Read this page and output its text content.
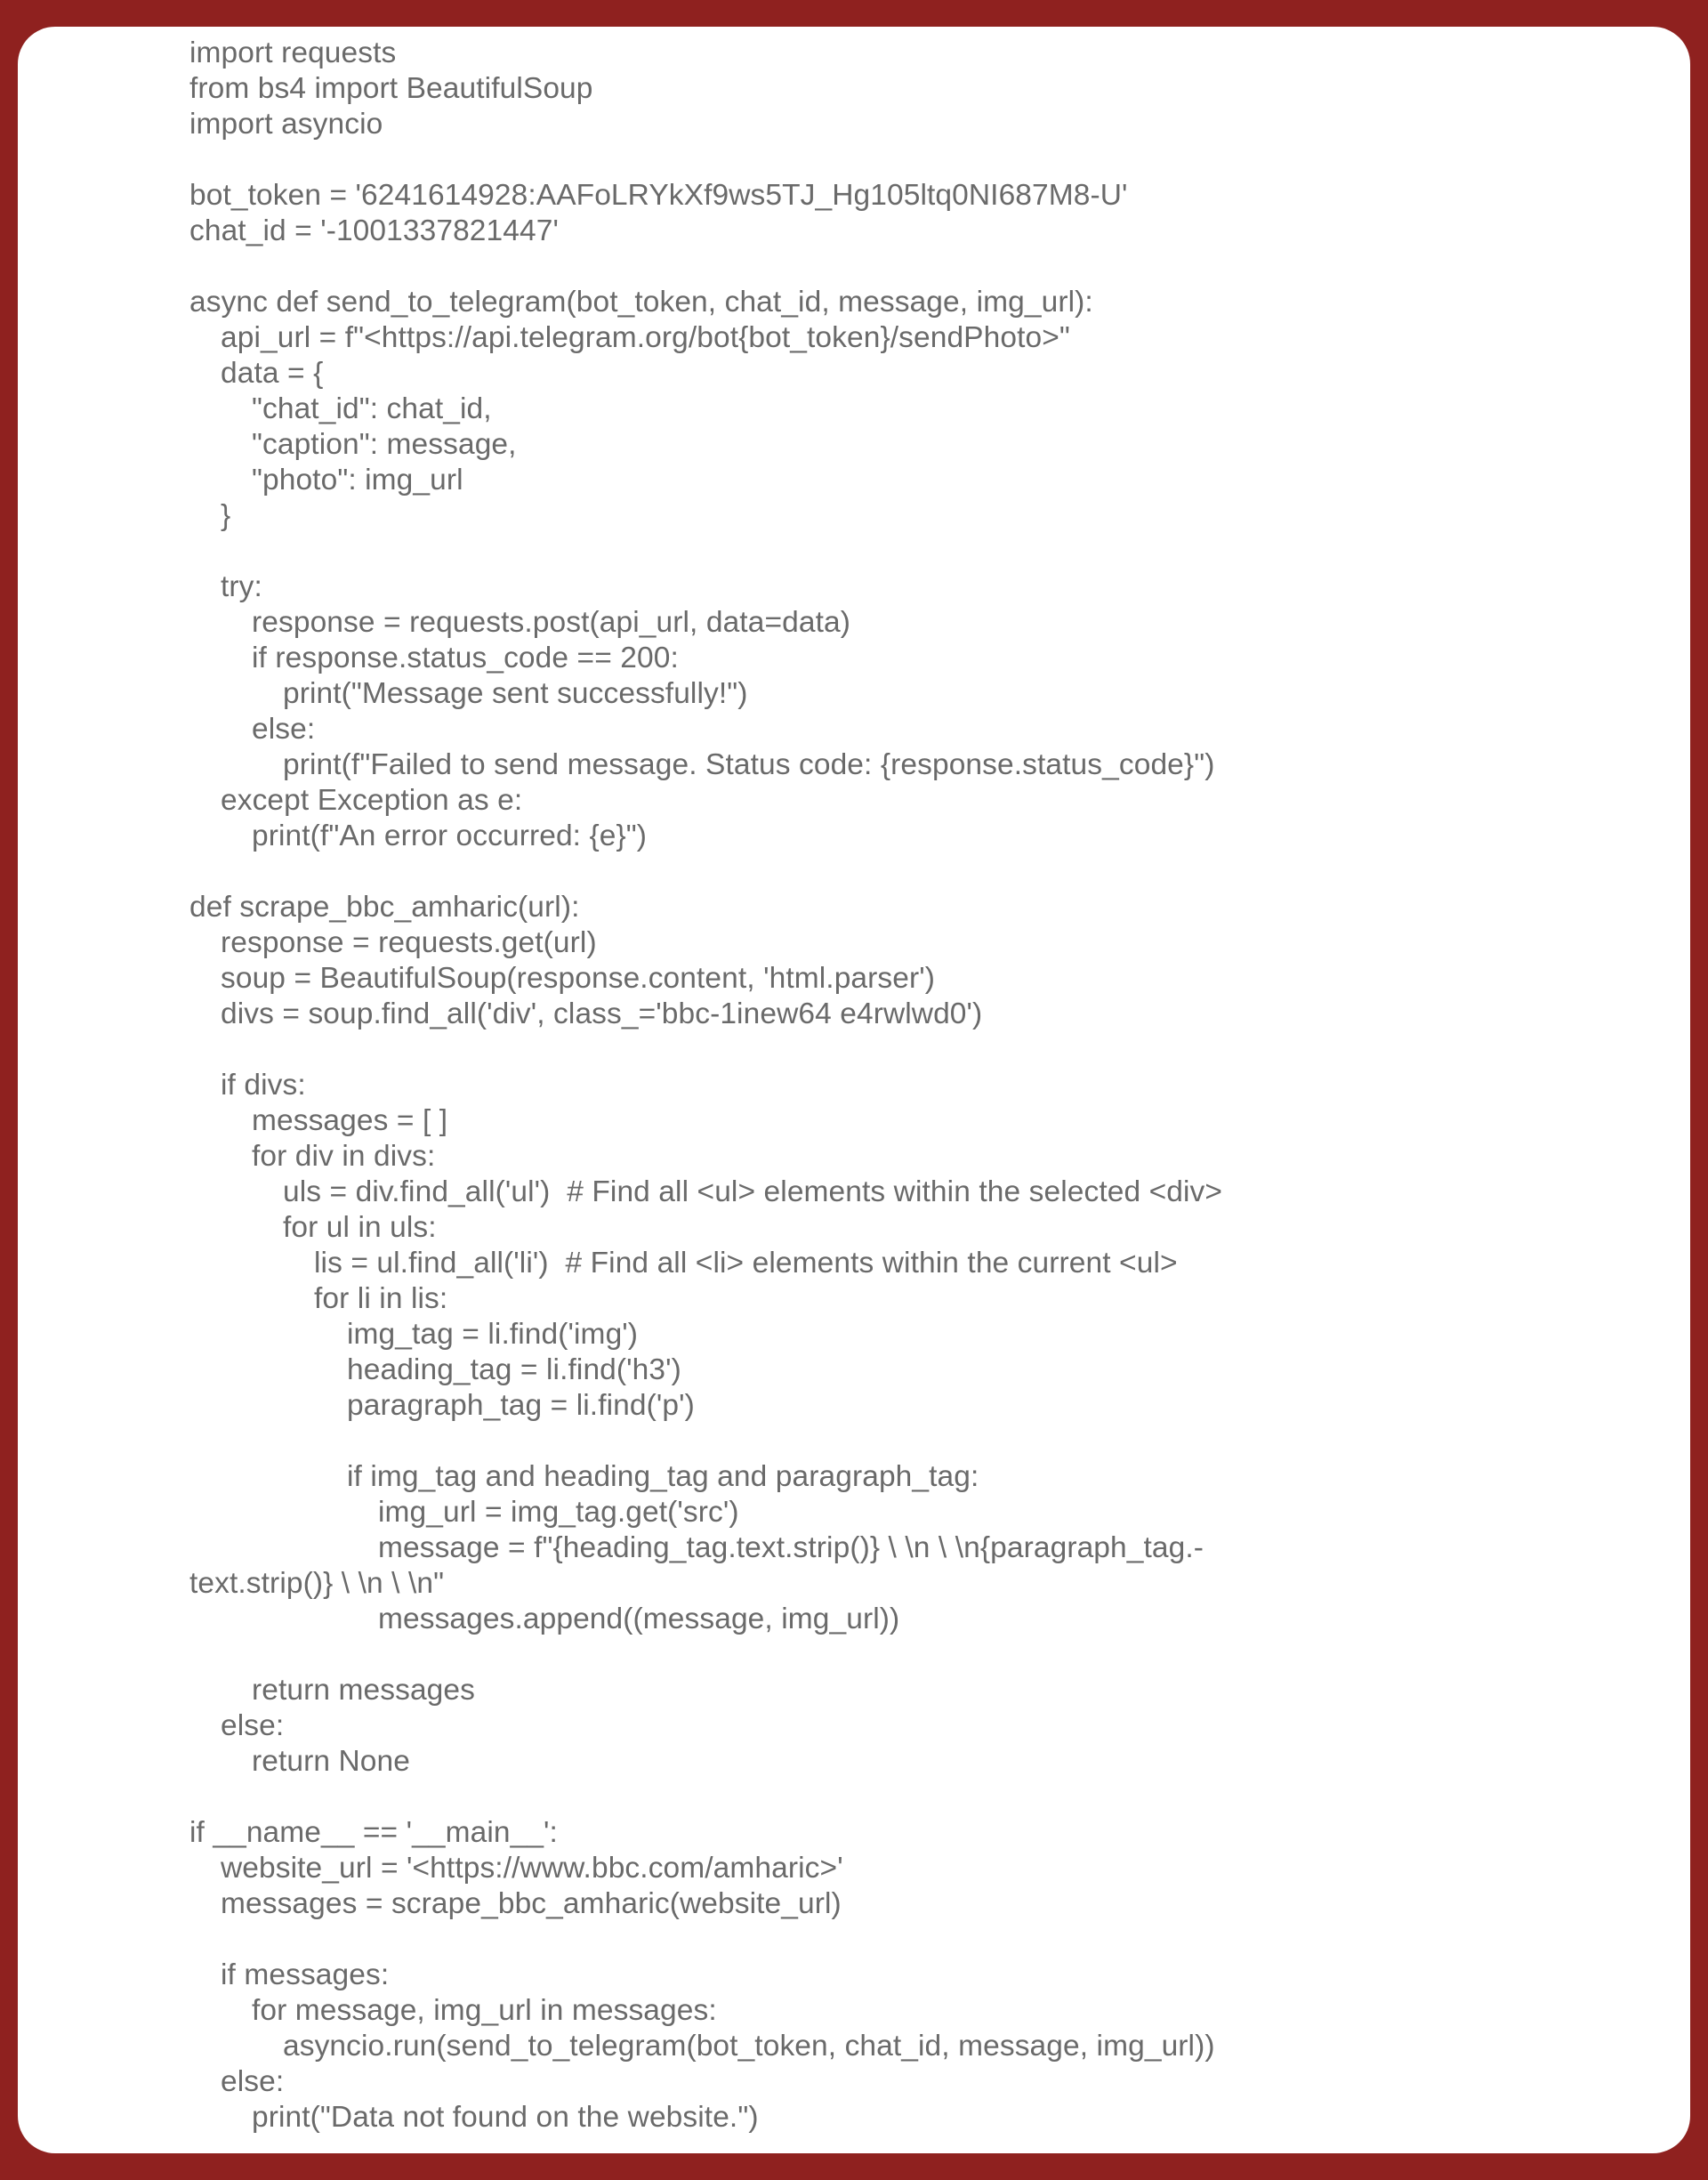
import requests
from bs4 import BeautifulSoup
import asyncio

bot_token = '6241614928:AAFoLRYkXf9ws5TJ_Hg105ltq0NI687M8-U'
chat_id = '-1001337821447'

async def send_to_telegram(bot_token, chat_id, message, img_url):
api_url = f"<https://api.telegram.org/bot{bot_token}/sendPhoto>"
data = {
"chat_id": chat_id,
"caption": message,
"photo": img_url
}

try:
response = requests.post(api_url, data=data)
if response.status_code == 200:
print("Message sent successfully!")
else:
print(f"Failed to send message. Status code: {response.status_code}")
except Exception as e:
print(f"An error occurred: {e}")

def scrape_bbc_amharic(url):
response = requests.get(url)
soup = BeautifulSoup(response.content, 'html.parser')
divs = soup.find_all('div', class_='bbc-1inew64 e4rwlwd0')

if divs:
messages = [ ]
for div in divs:
uls = div.find_all('ul')  # Find all <ul> elements within the selected <div>
for ul in uls:
lis = ul.find_all('li')  # Find all <li> elements within the current <ul>
for li in lis:
img_tag = li.find('img')
heading_tag = li.find('h3')
paragraph_tag = li.find('p')

if img_tag and heading_tag and paragraph_tag:
img_url = img_tag.get('src')
message = f"{heading_tag.text.strip()} \ \n \ \n{paragraph_tag.-
text.strip()} \ \n \ \n"
messages.append((message, img_url))

return messages
else:
return None

if __name__ == '__main__':
website_url = '<https://www.bbc.com/amharic>'
messages = scrape_bbc_amharic(website_url)

if messages:
for message, img_url in messages:
asyncio.run(send_to_telegram(bot_token, chat_id, message, img_url))
else:
print("Data not found on the website.")
